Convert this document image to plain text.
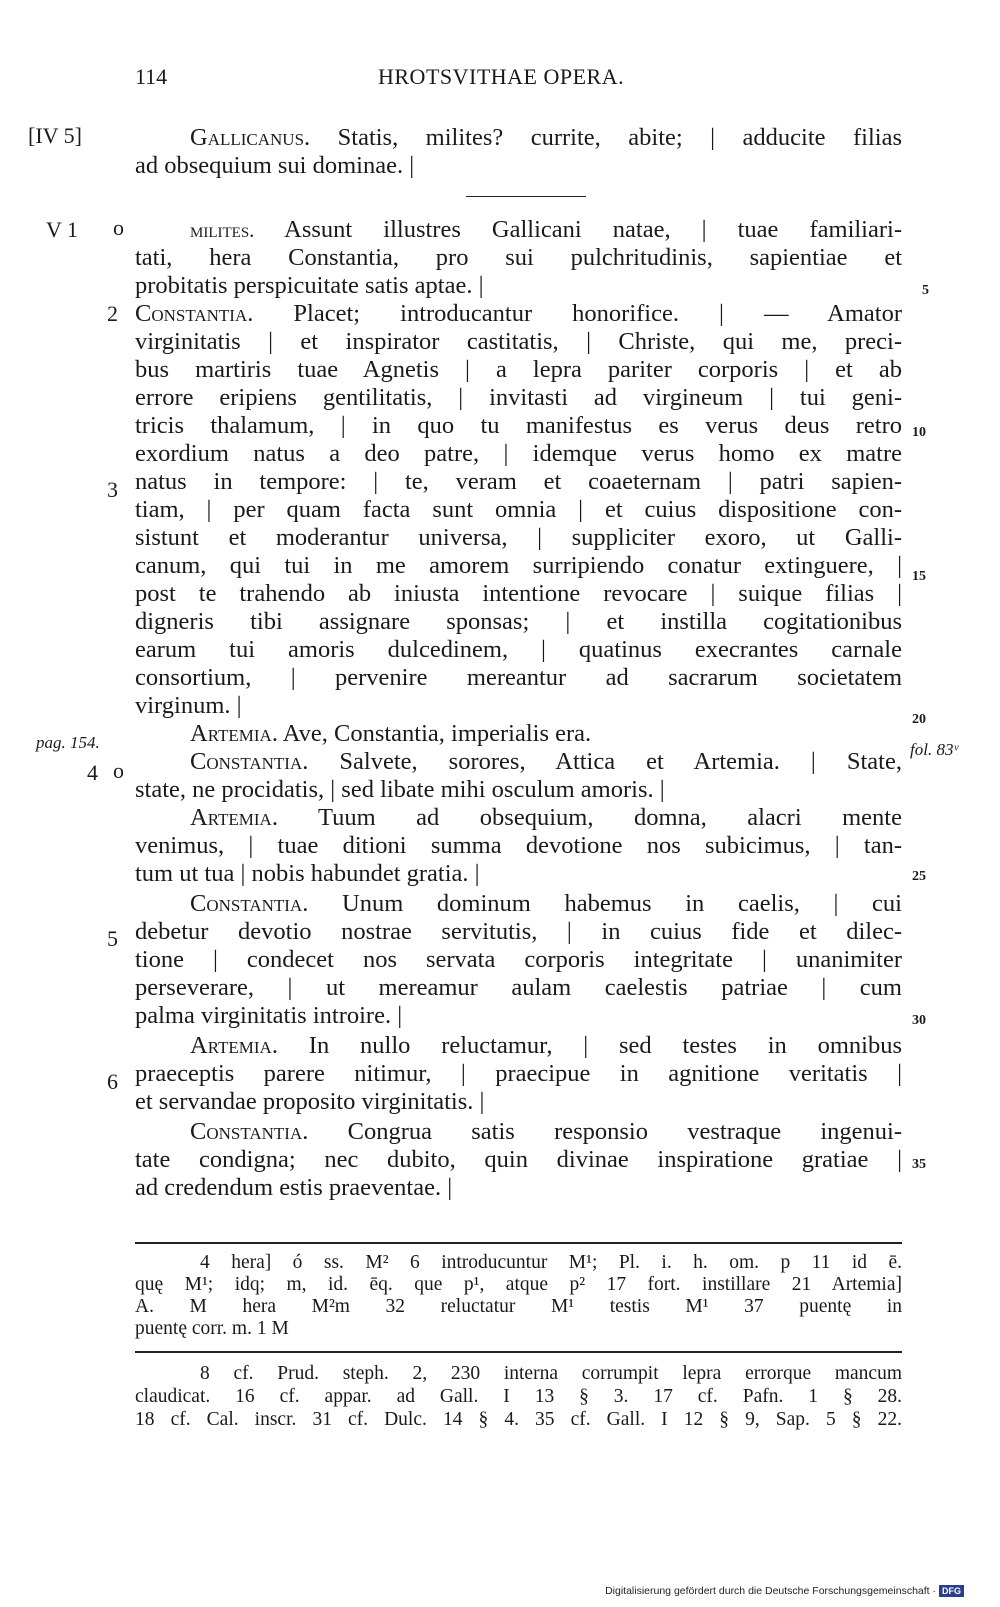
114	HROTSVITHAE OPERA.
[IV 5]
V 1 o
2
3
pag. 154.
4 o
fol. 83ᵛ
5
6
5
10
15
20
25
30
35
Gallicanus. Statis, milites? currite, abite; | adducite filias
ad obsequium sui dominae. |
milites. Assunt illustres Gallicani natae, | tuae familiari-
tati, hera Constantia, pro sui pulchritudinis, sapientiae et
probitatis perspicuitate satis aptae. |
Constantia. Placet; introducantur honorifice. | — Amator
virginitatis | et inspirator castitatis, | Christe, qui me, preci-
bus martiris tuae Agnetis | a lepra pariter corporis | et ab
errore eripiens gentilitatis, | invitasti ad virgineum | tui geni-
tricis thalamum, | in quo tu manifestus es verus deus retro
exordium natus a deo patre, | idemque verus homo ex matre
natus in tempore: | te, veram et coaeternam | patri sapien-
tiam, | per quam facta sunt omnia | et cuius dispositione con-
sistunt et moderantur universa, | suppliciter exoro, ut Galli-
canum, qui tui in me amorem surripiendo conatur extinguere, |
post te trahendo ab iniusta intentione revocare | suique filias |
digneris tibi assignare sponsas; | et instilla cogitationibus
earum tui amoris dulcedinem, | quatinus execrantes carnale
consortium, | pervenire mereantur ad sacrarum societatem
virginum. |
Artemia. Ave, Constantia, imperialis era.
Constantia. Salvete, sorores, Attica et Artemia. | State,
state, ne procidatis, | sed libate mihi osculum amoris. |
Artemia. Tuum ad obsequium, domna, alacri mente
venimus, | tuae ditioni summa devotione nos subicimus, | tan-
tum ut tua | nobis habundet gratia. |
Constantia. Unum dominum habemus in caelis, | cui
debetur devotio nostrae servitutis, | in cuius fide et dilec-
tione | condecet nos servata corporis integritate | unanimiter
perseverare, | ut mereamur aulam caelestis patriae | cum
palma virginitatis introire. |
Artemia. In nullo reluctamur, | sed testes in omnibus
praeceptis parere nitimur, | praecipue in agnitione veritatis |
et servandae proposito virginitatis. |
Constantia. Congrua satis responsio vestraque ingenui-
tate condigna; nec dubito, quin divinae inspiratione gratiae |
ad credendum estis praeventae. |
4 hera] ó ss. M² 6 introducuntur M¹; Pl. i. h. om. p 11 id ē.
quę M¹; idq; m, id. ēq. que p¹, atque p² 17 fort. instillare 21 Artemia]
A. M hera M²m 32 reluctatur M¹ testis M¹ 37 puentę in
puentę corr. m. 1 M
8 cf. Prud. steph. 2, 230 interna corrumpit lepra errorque mancum
claudicat. 16 cf. appar. ad Gall. I 13 § 3. 17 cf. Pafn. 1 § 28.
18 cf. Cal. inscr. 31 cf. Dulc. 14 § 4. 35 cf. Gall. I 12 § 9, Sap. 5 § 22.
Digitalisierung gefördert durch die Deutsche Forschungsgemeinschaft · DFG
